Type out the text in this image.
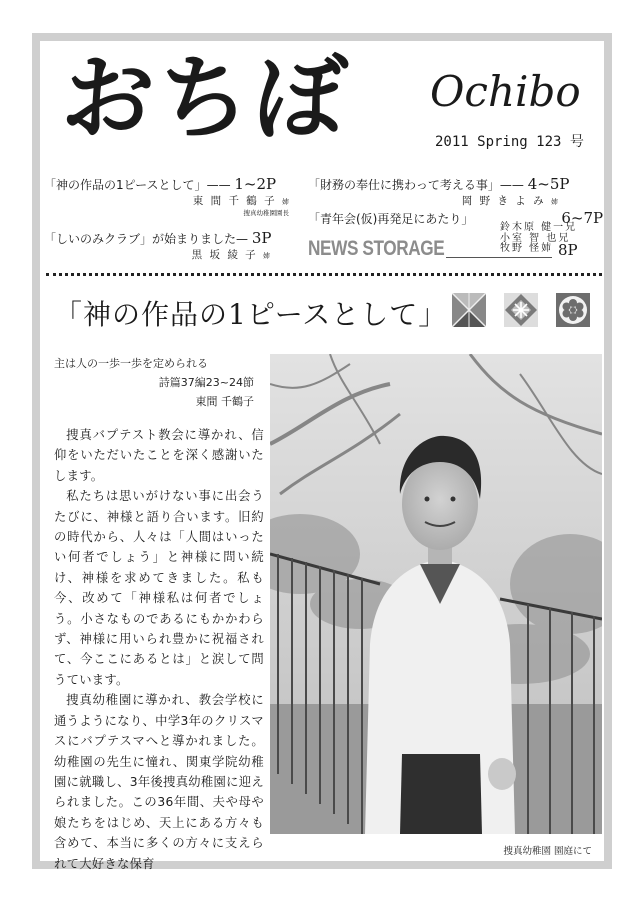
おちぼ Ochibo
2011 Spring 123 号
「神の作品の1ピースとして」—— 1~2P
東 間 千 鶴 子 姉
捜真幼稚園園長
「しいのみクラブ」が始まりました— 3P
黒 坂 綾 子 姉
「財務の奉仕に携わって考える事」—— 4~5P
岡 野 き よ み 姉
「青年会(仮)再発足にあたり」	6~7P
鈴木原 健一兄
小室 智 也兄
牧野 怪姉
NEWS STORAGE	8P
「神の作品の1ピースとして」
主は人の一歩一歩を定められる
詩篇37編23~24節
東間 千鶴子

捜真バプテスト教会に導かれ、信仰をいただいたことを深く感謝いたします。

私たちは思いがけない事に出会うたびに、神様と語り合います。旧約の時代から、人々は「人間はいったい何者でしょう」と神様に問い続け、神様を求めてきました。私も今、改めて「神様私は何者でしょう。小さなものであるにもかかわらず、神様に用いられ豊かに祝福されて、今ここにあるとは」と涙して問うています。

捜真幼稚園に導かれ、教会学校に通うようになり、中学3年のクリスマスにバプテスマへと導かれました。幼稚園の先生に憧れ、関東学院幼稚園に就職し、3年後捜真幼稚園に迎えられました。この36年間、夫や母や娘たちをはじめ、天上にある方々も含めて、本当に多くの方々に支えられて大好きな保育

捜真幼稚園 園庭にて
